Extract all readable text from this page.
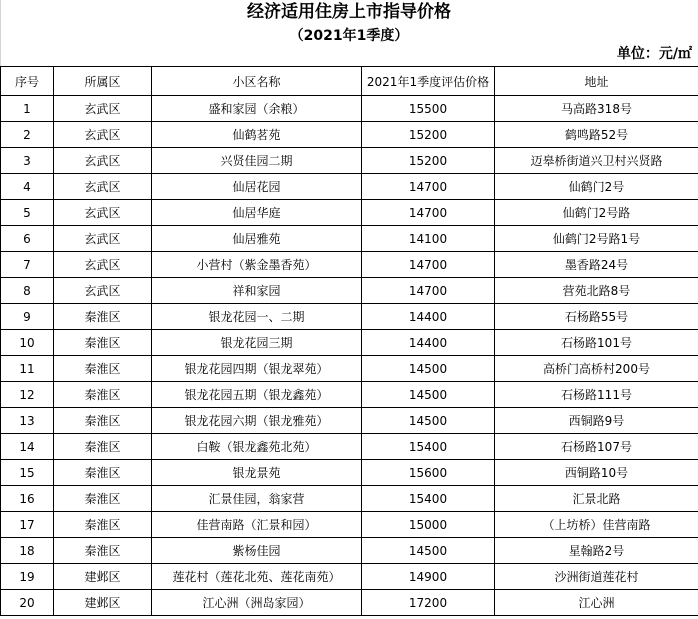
经济适用住房上市指导价格
（2021年1季度）
单位：元/㎡
序号	所属区	小区名称	2021年1季度评估价格	地址
1	玄武区	盛和家园（余粮）	15500	马高路318号
2	玄武区	仙鹤茗苑	15200	鹤鸣路52号
3	玄武区	兴贤佳园二期	15200	迈皋桥街道兴卫村兴贤路
4	玄武区	仙居花园	14700	仙鹤门2号
5	玄武区	仙居华庭	14700	仙鹤门2号路
6	玄武区	仙居雅苑	14100	仙鹤门2号路1号
7	玄武区	小营村（紫金墨香苑）	14700	墨香路24号
8	玄武区	祥和家园	14700	营苑北路8号
9	秦淮区	银龙花园一、二期	14400	石杨路55号
10	秦淮区	银龙花园三期	14400	石杨路101号
11	秦淮区	银龙花园四期（银龙翠苑）	14500	高桥门高桥村200号
12	秦淮区	银龙花园五期（银龙鑫苑）	14500	石杨路111号
13	秦淮区	银龙花园六期（银龙雅苑）	14500	西铜路9号
14	秦淮区	白鞍（银龙鑫苑北苑）	15400	石杨路107号
15	秦淮区	银龙景苑	15600	西铜路10号
16	秦淮区	汇景佳园，翁家营	15400	汇景北路
17	秦淮区	佳营南路（汇景和园）	15000	（上坊桥）佳营南路
18	秦淮区	紫杨佳园	14500	星翰路2号
19	建邺区	莲花村（莲花北苑、莲花南苑）	14900	沙洲街道莲花村
20	建邺区	江心洲（洲岛家园）	17200	江心洲
